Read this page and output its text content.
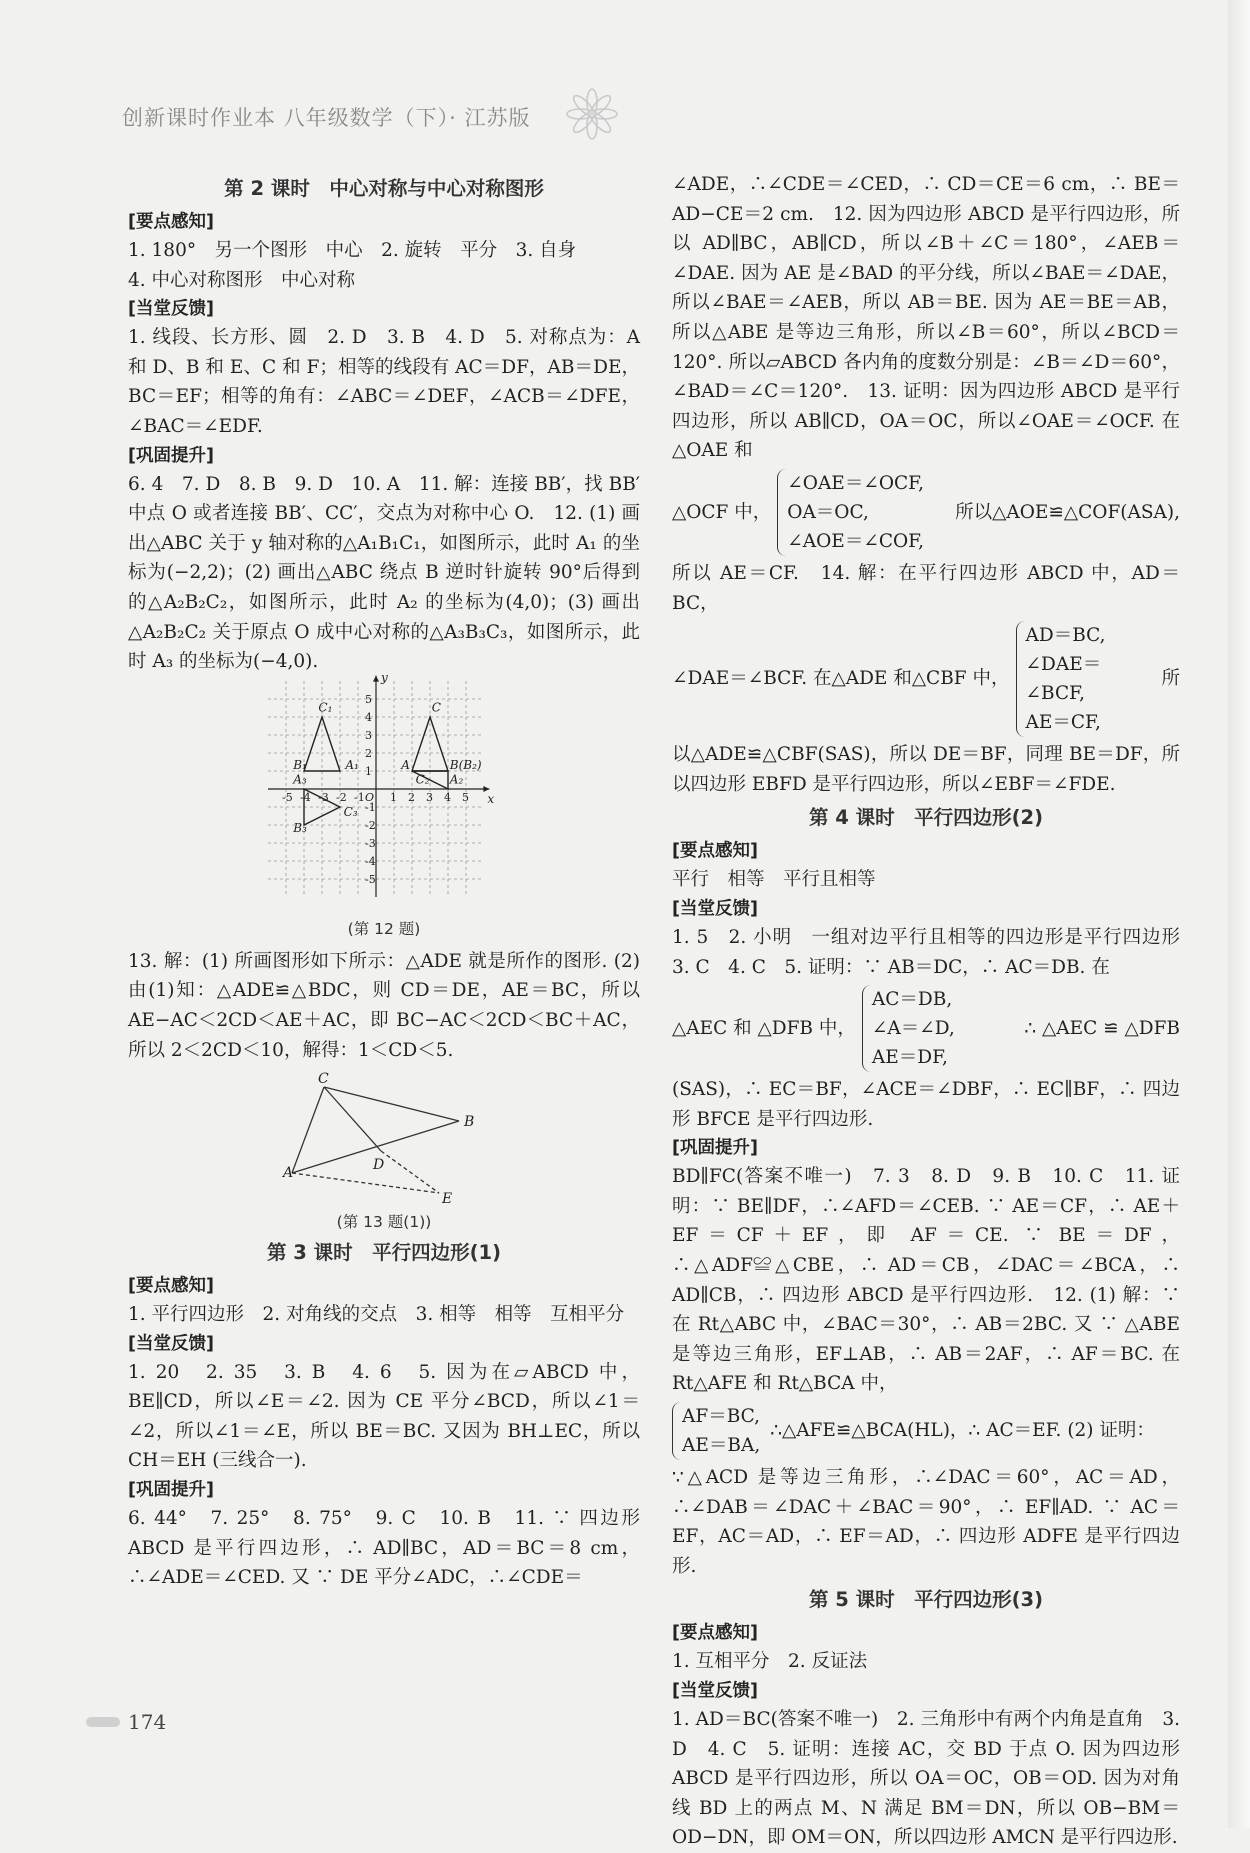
创新课时作业本 八年级数学（下）· 江苏版
第 2 课时　中心对称与中心对称图形
[要点感知]
1. 180°　另一个图形　中心　2. 旋转　平分　3. 自身
4. 中心对称图形　中心对称
[当堂反馈]
1. 线段、长方形、圆　2. D　3. B　4. D　5. 对称点为：A 和 D、B 和 E、C 和 F；相等的线段有 AC＝DF，AB＝DE，BC＝EF；相等的角有：∠ABC＝∠DEF，∠ACB＝∠DFE，∠BAC＝∠EDF.
[巩固提升]
6. 4　7. D　8. B　9. D　10. A　11. 解：连接 BB′，找 BB′ 中点 O 或者连接 BB′、CC′，交点为对称中心 O.　12. (1) 画出△ABC 关于 y 轴对称的△A₁B₁C₁，如图所示，此时 A₁ 的坐标为(−2,2)；(2) 画出△ABC 绕点 B 逆时针旋转 90°后得到的△A₂B₂C₂，如图所示，此时 A₂ 的坐标为(4,0)；(3) 画出△A₂B₂C₂ 关于原点 O 成中心对称的△A₃B₃C₃，如图所示，此时 A₃ 的坐标为(−4,0).
-5 -4 -3 -2 -1 1 2 3 4 5
5
4
3
2
1
-1
-2
-3
-4
-5
x
y
O
C₁
B₁	A₁
A₃
B₃
C₃
C
A	B(B₂)
A₂
C₂
(第 12 题)
13. 解：(1) 所画图形如下所示：△ADE 就是所作的图形. (2) 由(1)知：△ADE≌△BDC，则 CD＝DE，AE＝BC，所以 AE−AC＜2CD＜AE＋AC，即 BC−AC＜2CD＜BC＋AC，所以 2＜2CD＜10，解得：1＜CD＜5.
C
B
A	D
E
(第 13 题(1))
第 3 课时　平行四边形(1)
[要点感知]
1. 平行四边形　2. 对角线的交点　3. 相等　相等　互相平分
[当堂反馈]
1. 20　2. 35　3. B　4. 6　5. 因为在▱ABCD 中，BE∥CD，所以∠E＝∠2. 因为 CE 平分∠BCD，所以∠1＝∠2，所以∠1＝∠E，所以 BE＝BC. 又因为 BH⊥EC，所以 CH＝EH (三线合一).
[巩固提升]
6. 44°　7. 25°　8. 75°　9. C　10. B　11. ∵ 四边形 ABCD 是平行四边形，∴ AD∥BC，AD＝BC＝8 cm，∴∠ADE＝∠CED. 又 ∵ DE 平分∠ADC，∴∠CDE＝
∠ADE，∴∠CDE＝∠CED，∴ CD＝CE＝6 cm，∴ BE＝AD−CE＝2 cm.　12. 因为四边形 ABCD 是平行四边形，所以 AD∥BC，AB∥CD，所以∠B＋∠C＝180°，∠AEB＝∠DAE. 因为 AE 是∠BAD 的平分线，所以∠BAE＝∠DAE，所以∠BAE＝∠AEB，所以 AB＝BE. 因为 AE＝BE＝AB，所以△ABE 是等边三角形，所以∠B＝60°，所以∠BCD＝120°. 所以▱ABCD 各内角的度数分别是：∠B＝∠D＝60°，∠BAD＝∠C＝120°.　13. 证明：因为四边形 ABCD 是平行四边形，所以 AB∥CD，OA＝OC，所以∠OAE＝∠OCF. 在△OAE 和
△OCF 中，
∠OAE＝∠OCF,
OA＝OC,
∠AOE＝∠COF,
所以△AOE≌△COF(ASA),
所以 AE＝CF.　14. 解：在平行四边形 ABCD 中，AD＝BC，
∠DAE＝∠BCF. 在△ADE 和△CBF 中，
AD＝BC,
∠DAE＝∠BCF,
AE＝CF,
所
以△ADE≌△CBF(SAS)，所以 DE＝BF，同理 BE＝DF，所以四边形 EBFD 是平行四边形，所以∠EBF＝∠FDE.
第 4 课时　平行四边形(2)
[要点感知]
平行　相等　平行且相等
[当堂反馈]
1. 5　2. 小明　一组对边平行且相等的四边形是平行四边形　3. C　4. C　5. 证明：∵ AB＝DC，∴ AC＝DB. 在
△AEC 和 △DFB 中，
AC＝DB,
∠A＝∠D,
AE＝DF,
∴ △AEC ≌ △DFB
(SAS)，∴ EC＝BF，∠ACE＝∠DBF，∴ EC∥BF，∴ 四边形 BFCE 是平行四边形.
[巩固提升]
BD∥FC(答案不唯一)　7. 3　8. D　9. B　10. C　11. 证明：∵ BE∥DF，∴∠AFD＝∠CEB. ∵ AE＝CF，∴ AE＋EF＝CF＋EF，即 AF＝CE. ∵ BE＝DF，∴△ADF≌△CBE，∴ AD＝CB，∠DAC＝∠BCA，∴ AD∥CB，∴ 四边形 ABCD 是平行四边形.　12. (1) 解：∵ 在 Rt△ABC 中，∠BAC＝30°，∴ AB＝2BC. 又 ∵ △ABE 是等边三角形，EF⊥AB，∴ AB＝2AF，∴ AF＝BC. 在 Rt△AFE 和 Rt△BCA 中，
AF＝BC,
AE＝BA,
∴△AFE≌△BCA(HL)，∴ AC＝EF. (2) 证明：
∵△ACD 是等边三角形，∴∠DAC＝60°，AC＝AD，∴∠DAB＝∠DAC＋∠BAC＝90°，∴ EF∥AD. ∵ AC＝EF，AC＝AD，∴ EF＝AD，∴ 四边形 ADFE 是平行四边形.
第 5 课时　平行四边形(3)
[要点感知]
1. 互相平分　2. 反证法
[当堂反馈]
1. AD＝BC(答案不唯一)　2. 三角形中有两个内角是直角　3. D　4. C　5. 证明：连接 AC，交 BD 于点 O. 因为四边形 ABCD 是平行四边形，所以 OA＝OC，OB＝OD. 因为对角线 BD 上的两点 M、N 满足 BM＝DN，所以 OB−BM＝OD−DN，即 OM＝ON，所以四边形 AMCN 是平行四边形.
174
